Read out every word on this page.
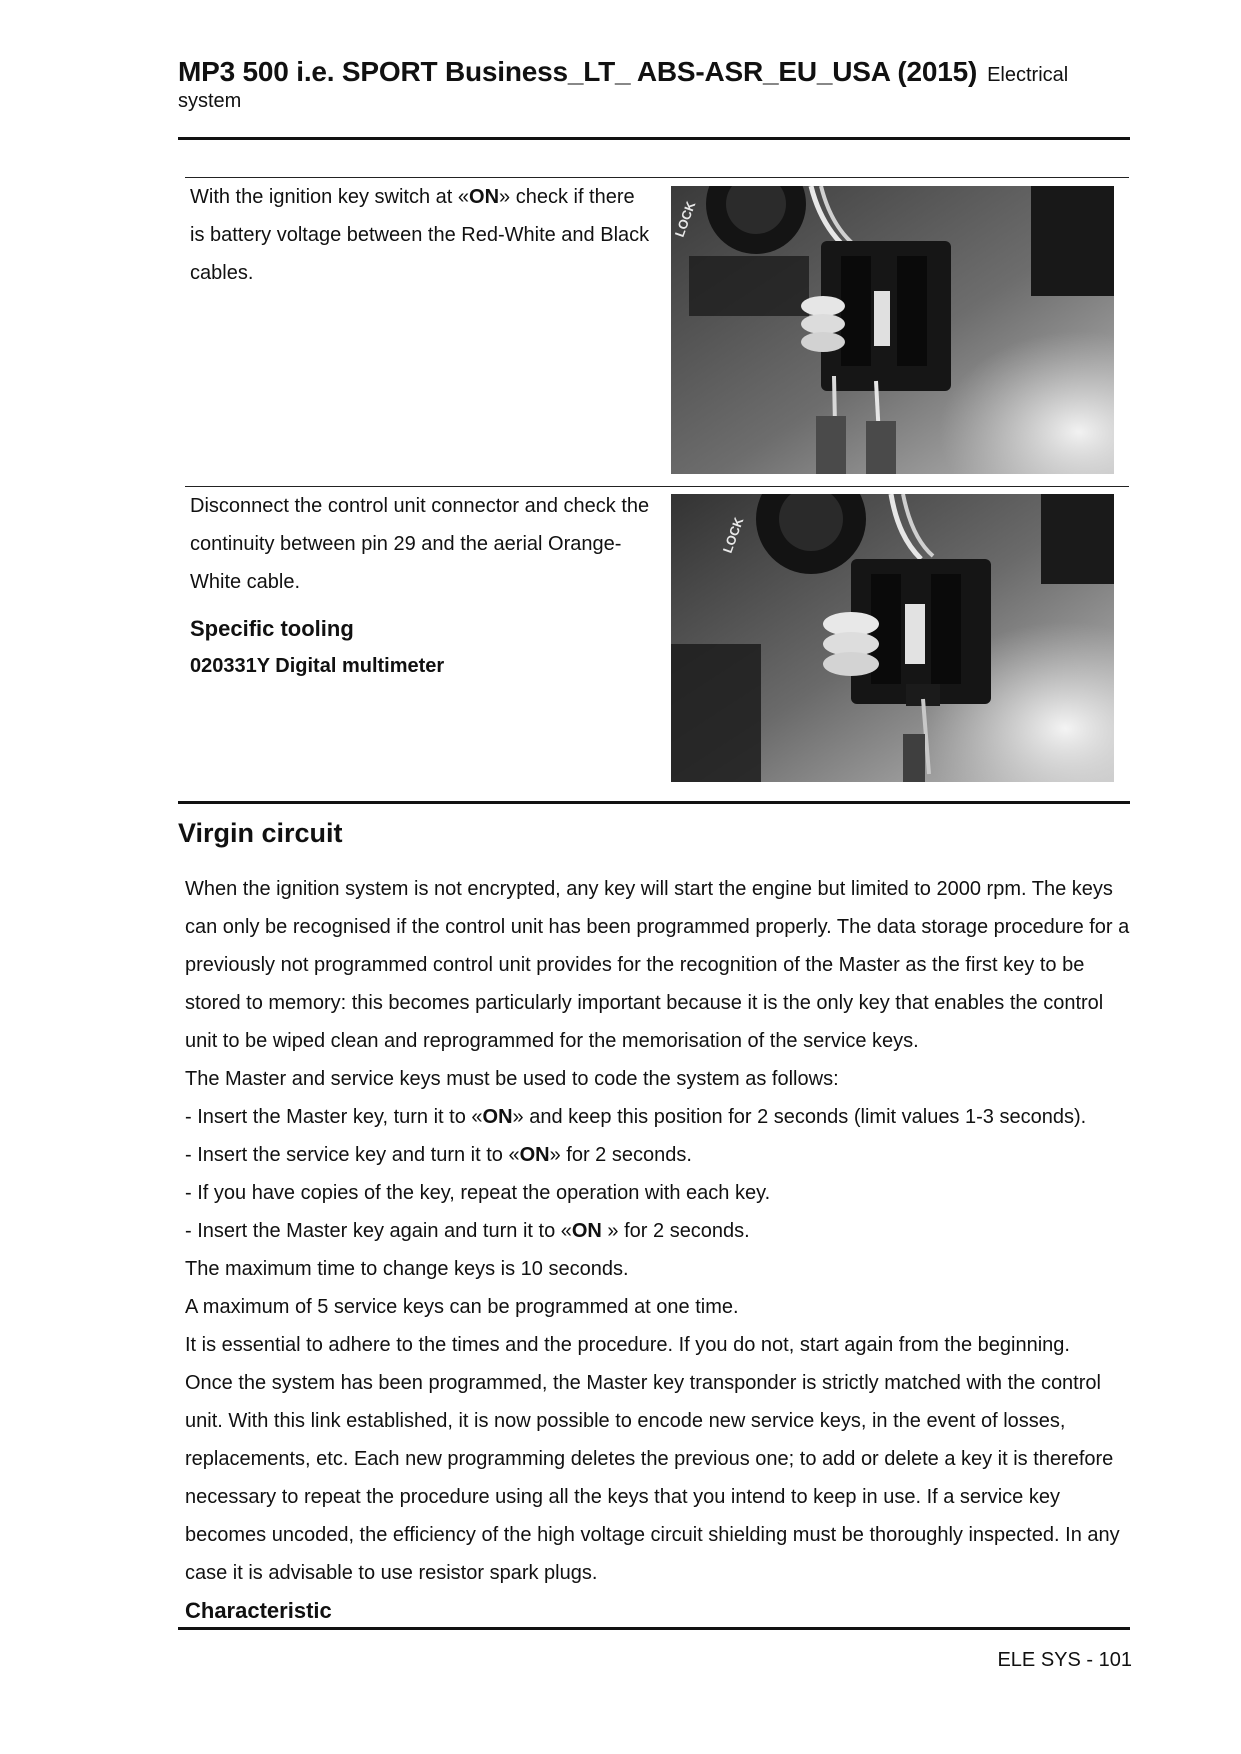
MP3 500 i.e. SPORT Business_LT_ ABS-ASR_EU_USA (2015) Electrical
system
With the ignition key switch at «ON» check if there is battery voltage between the Red-White and Black cables.
LOCK
Disconnect the control unit connector and check the continuity between pin 29 and the aerial Orange-White cable.
Specific tooling
020331Y Digital multimeter
LOCK
Virgin circuit

When the ignition system is not encrypted, any key will start the engine but limited to 2000 rpm. The keys can only be recognised if the control unit has been programmed properly. The data storage procedure for a previously not programmed control unit provides for the recognition of the Master as the first key to be stored to memory: this becomes particularly important because it is the only key that enables the control unit to be wiped clean and reprogrammed for the memorisation of the service keys.

The Master and service keys must be used to code the system as follows:

- Insert the Master key, turn it to «ON» and keep this position for 2 seconds (limit values 1-3 seconds).

- Insert the service key and turn it to «ON» for 2 seconds.

- If you have copies of the key, repeat the operation with each key.

- Insert the Master key again and turn it to «ON » for 2 seconds.

The maximum time to change keys is 10 seconds.

A maximum of 5 service keys can be programmed at one time.

It is essential to adhere to the times and the procedure. If you do not, start again from the beginning.

Once the system has been programmed, the Master key transponder is strictly matched with the control unit. With this link established, it is now possible to encode new service keys, in the event of losses, replacements, etc. Each new programming deletes the previous one; to add or delete a key it is therefore necessary to repeat the procedure using all the keys that you intend to keep in use. If a service key becomes uncoded, the efficiency of the high voltage circuit shielding must be thoroughly inspected. In any case it is advisable to use resistor spark plugs.

Characteristic

ELE SYS - 101
